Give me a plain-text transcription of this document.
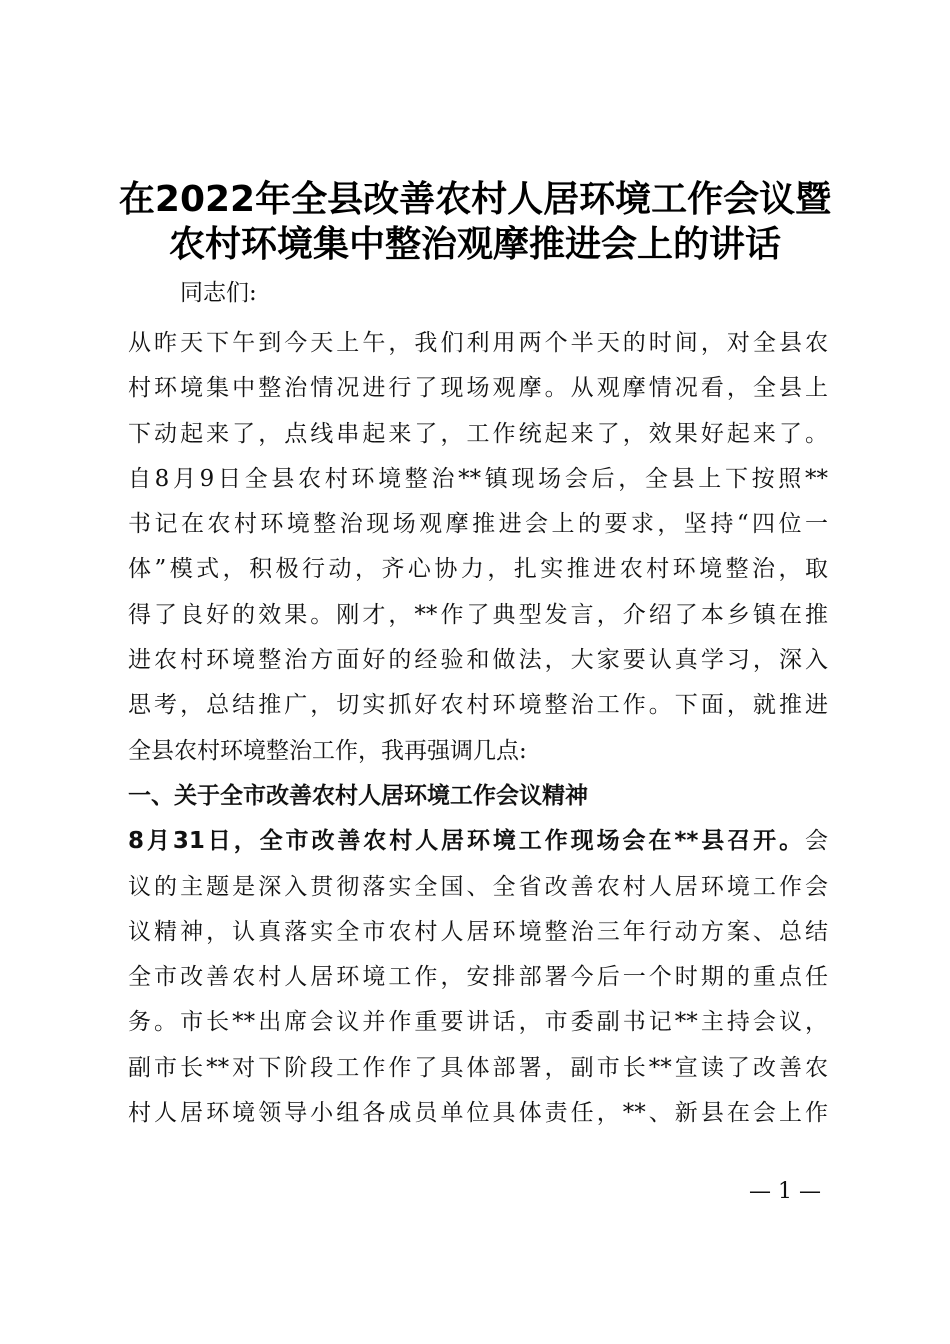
在2022年全县改善农村人居环境工作会议暨
农村环境集中整治观摩推进会上的讲话
同志们:
从昨天下午到今天上午，我们利用两个半天的时间，对全县农
村环境集中整治情况进行了现场观摩。从观摩情况看，全县上
下动起来了，点线串起来了，工作统起来了，效果好起来了。
自8月9日全县农村环境整治**镇现场会后，全县上下按照**
书记在农村环境整治现场观摩推进会上的要求，坚持“四位一
体”模式，积极行动，齐心协力，扎实推进农村环境整治，取
得了良好的效果。刚才，**作了典型发言，介绍了本乡镇在推
进农村环境整治方面好的经验和做法，大家要认真学习，深入
思考，总结推广，切实抓好农村环境整治工作。下面，就推进
全县农村环境整治工作，我再强调几点:
一、关于全市改善农村人居环境工作会议精神
8月31日，全市改善农村人居环境工作现场会在**县召开。会
议的主题是深入贯彻落实全国、全省改善农村人居环境工作会
议精神，认真落实全市农村人居环境整治三年行动方案、总结
全市改善农村人居环境工作，安排部署今后一个时期的重点任
务。市长**出席会议并作重要讲话，市委副书记**主持会议，
副市长**对下阶段工作作了具体部署，副市长**宣读了改善农
村人居环境领导小组各成员单位具体责任，**、新县在会上作
— 1 —
